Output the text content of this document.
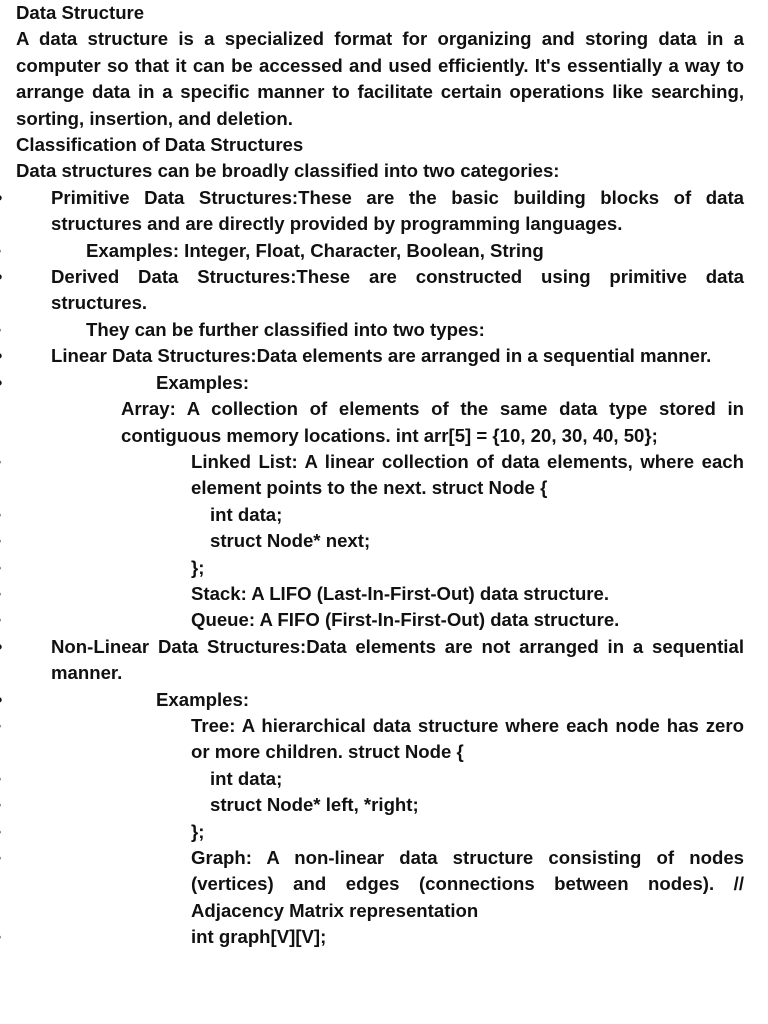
Data Structure

A data structure is a specialized format for organizing and storing data in a computer so that it can be accessed and used efficiently. It's essentially a way to arrange data in a specific manner to facilitate certain operations like searching, sorting, insertion, and deletion.

Classification of Data Structures

Data structures can be broadly classified into two categories:

• Primitive Data Structures:These are the basic building blocks of data structures and are directly provided by programming languages.
◦ Examples: Integer, Float, Character, Boolean, String
• Derived Data Structures:These are constructed using primitive data structures.
◦ They can be further classified into two types:
• Linear Data Structures:Data elements are arranged in a sequential manner.
• Examples:
▪ Array: A collection of elements of the same data type stored in contiguous memory locations. int arr[5] = {10, 20, 30, 40, 50};
◦ Linked List: A linear collection of data elements, where each element points to the next. struct Node {
◦ int data;
◦ struct Node* next;
◦ };
◦ Stack: A LIFO (Last-In-First-Out) data structure.
◦ Queue: A FIFO (First-In-First-Out) data structure.
• Non-Linear Data Structures:Data elements are not arranged in a sequential manner.
• Examples:
◦ Tree: A hierarchical data structure where each node has zero or more children. struct Node {
◦ int data;
◦ struct Node* left, *right;
◦ };
◦ Graph: A non-linear data structure consisting of nodes (vertices) and edges (connections between nodes). // Adjacency Matrix representation
◦ int graph[V][V];
